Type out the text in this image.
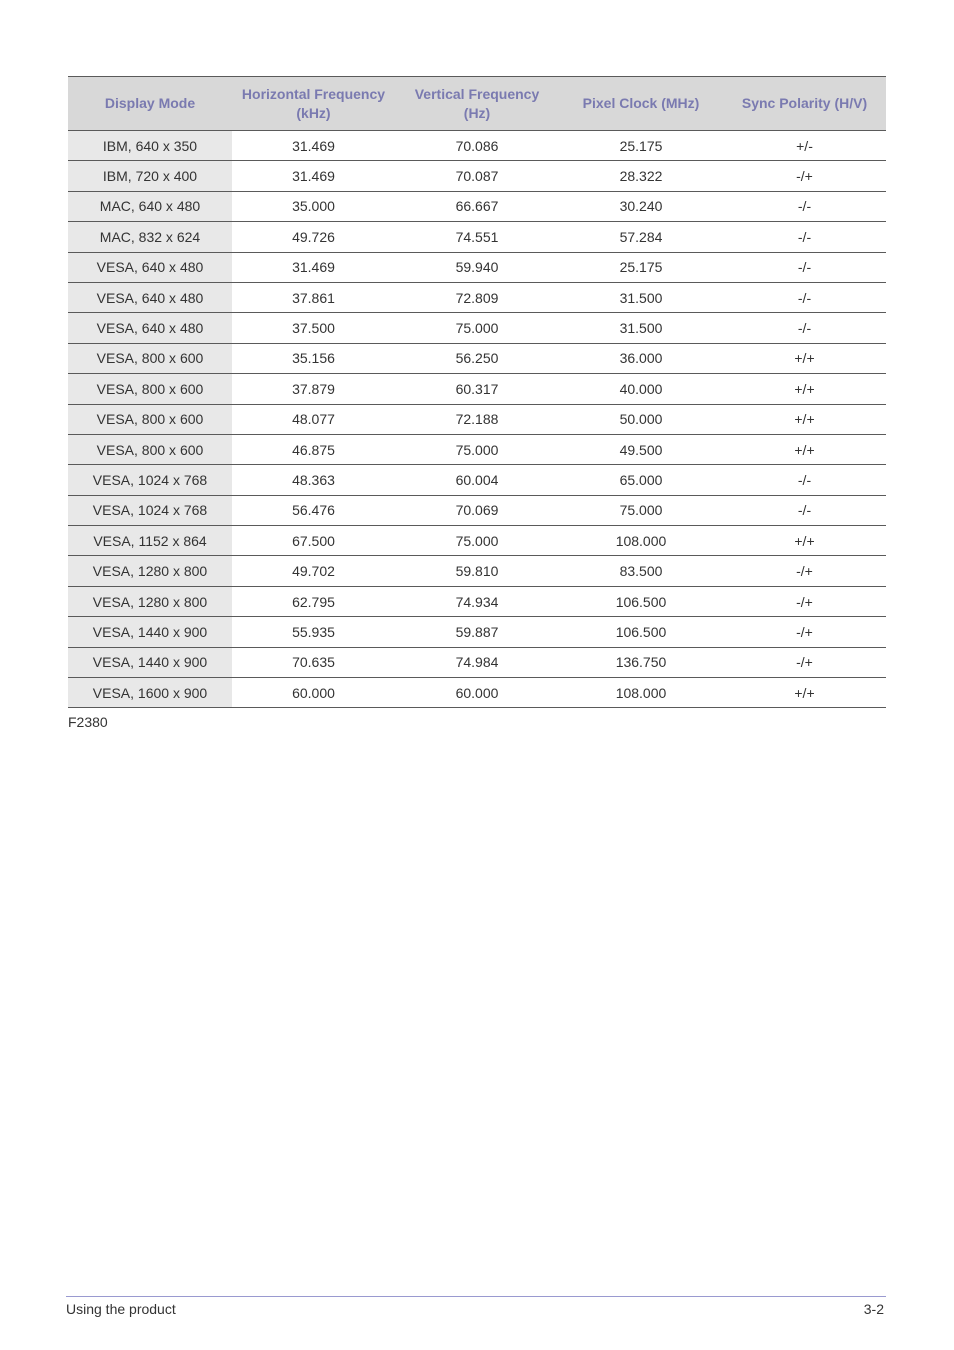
Display Mode	Horizontal Frequency (kHz)	Vertical Frequency (Hz)	Pixel Clock (MHz)	Sync Polarity (H/V)
IBM, 640 x 350	31.469	70.086	25.175	+/-
IBM, 720 x 400	31.469	70.087	28.322	-/+
MAC, 640 x 480	35.000	66.667	30.240	-/-
MAC, 832 x 624	49.726	74.551	57.284	-/-
VESA, 640 x 480	31.469	59.940	25.175	-/-
VESA, 640 x 480	37.861	72.809	31.500	-/-
VESA, 640 x 480	37.500	75.000	31.500	-/-
VESA, 800 x 600	35.156	56.250	36.000	+/+
VESA, 800 x 600	37.879	60.317	40.000	+/+
VESA, 800 x 600	48.077	72.188	50.000	+/+
VESA, 800 x 600	46.875	75.000	49.500	+/+
VESA, 1024 x 768	48.363	60.004	65.000	-/-
VESA, 1024 x 768	56.476	70.069	75.000	-/-
VESA, 1152 x 864	67.500	75.000	108.000	+/+
VESA, 1280 x 800	49.702	59.810	83.500	-/+
VESA, 1280 x 800	62.795	74.934	106.500	-/+
VESA, 1440 x 900	55.935	59.887	106.500	-/+
VESA, 1440 x 900	70.635	74.984	136.750	-/+
VESA, 1600 x 900	60.000	60.000	108.000	+/+
F2380
Using the product	3-2
